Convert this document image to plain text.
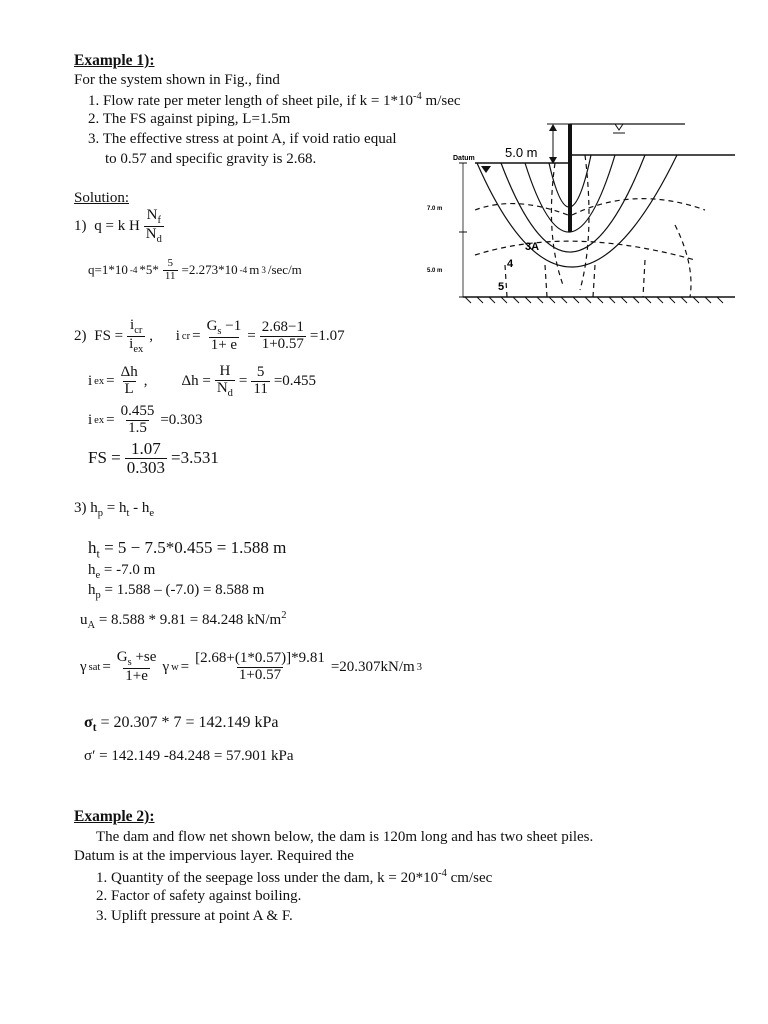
Example 1):
For the system shown in Fig., find
1. Flow rate per meter length of sheet pile, if $k = 1*10^{-4}$ m/sec
2. The FS against piping, L=1.5m
3. The effective stress at point A, if void ratio equal
to 0.57 and specific gravity is 2.68.
Solution:
1)
q = k H $\frac{N_f}{N_d}$
q=1*10 -4 $*5* \frac{5}{11} =2.273*10$ -4 m 3 /sec/m
2)
FS = $\frac{i_{cr}}{i_{ex}}$ ,
i cr = $\frac{G_s -1}{1+ e} = \frac{2.68-1}{1+0.57} =1.07$
i ex = $\frac{\Delta h}{L}$ ,
$\Delta h = \frac{H}{N_d} = \frac{5}{11} =0.455$
i ex = $\frac{0.455}{1.5} =0.303$
FS = $\frac{1.07}{0.303} =3.531$
3) $h_p = h_t - h_e$
$h_t = 5 - 7.5*0.455 = 1.588$ m
$h_e = -7.0$ m
$h_p = 1.588 - (-7.0) = 8.588$ m
$u_A = 8.588 * 9.81 = 84.248$ $kN/m^2$
γ sat = $\frac{G_s +se}{1+e}$ γ $w = \frac{[2.68+(1*0.57)]*9.81}{1+0.57} =20.307kN/m$ 3
$\sigma_t = 20.307 * 7 = 142.149$ kPa
σ′ = 142.149 -84.248 = 57.901 kPa
Example 2):
The dam and flow net shown below, the dam is 120m long and has two sheet piles.
Datum is at the impervious layer. Required the
1. Quantity of the seepage loss under the dam, $k = 20*10^{-4}$ cm/sec
2. Factor of safety against boiling.
3. Uplift pressure at point A & F.
Datum 5.0 m
7.0 m
5.0 m
3A
4
5
